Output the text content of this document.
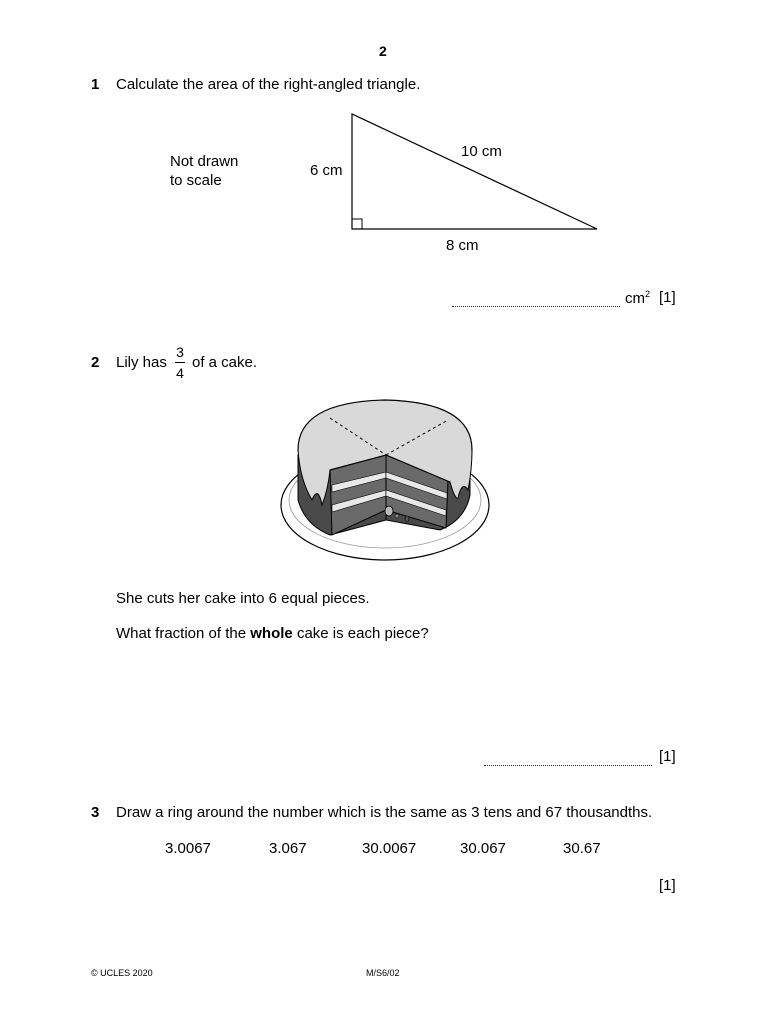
2
1 Calculate the area of the right-angled triangle.
Not drawn
to scale
6 cm
10 cm
8 cm
$cm^2$ [1]
2 Lily has
3
4
of a cake.
She cuts her cake into 6 equal pieces.
What fraction of the whole cake is each piece?
[1]
3 Draw a ring around the number which is the same as 3 tens and 67 thousandths.
3.0067	3.067	30.0067	30.067	30.67
[1]
© UCLES 2020	M/S6/02
